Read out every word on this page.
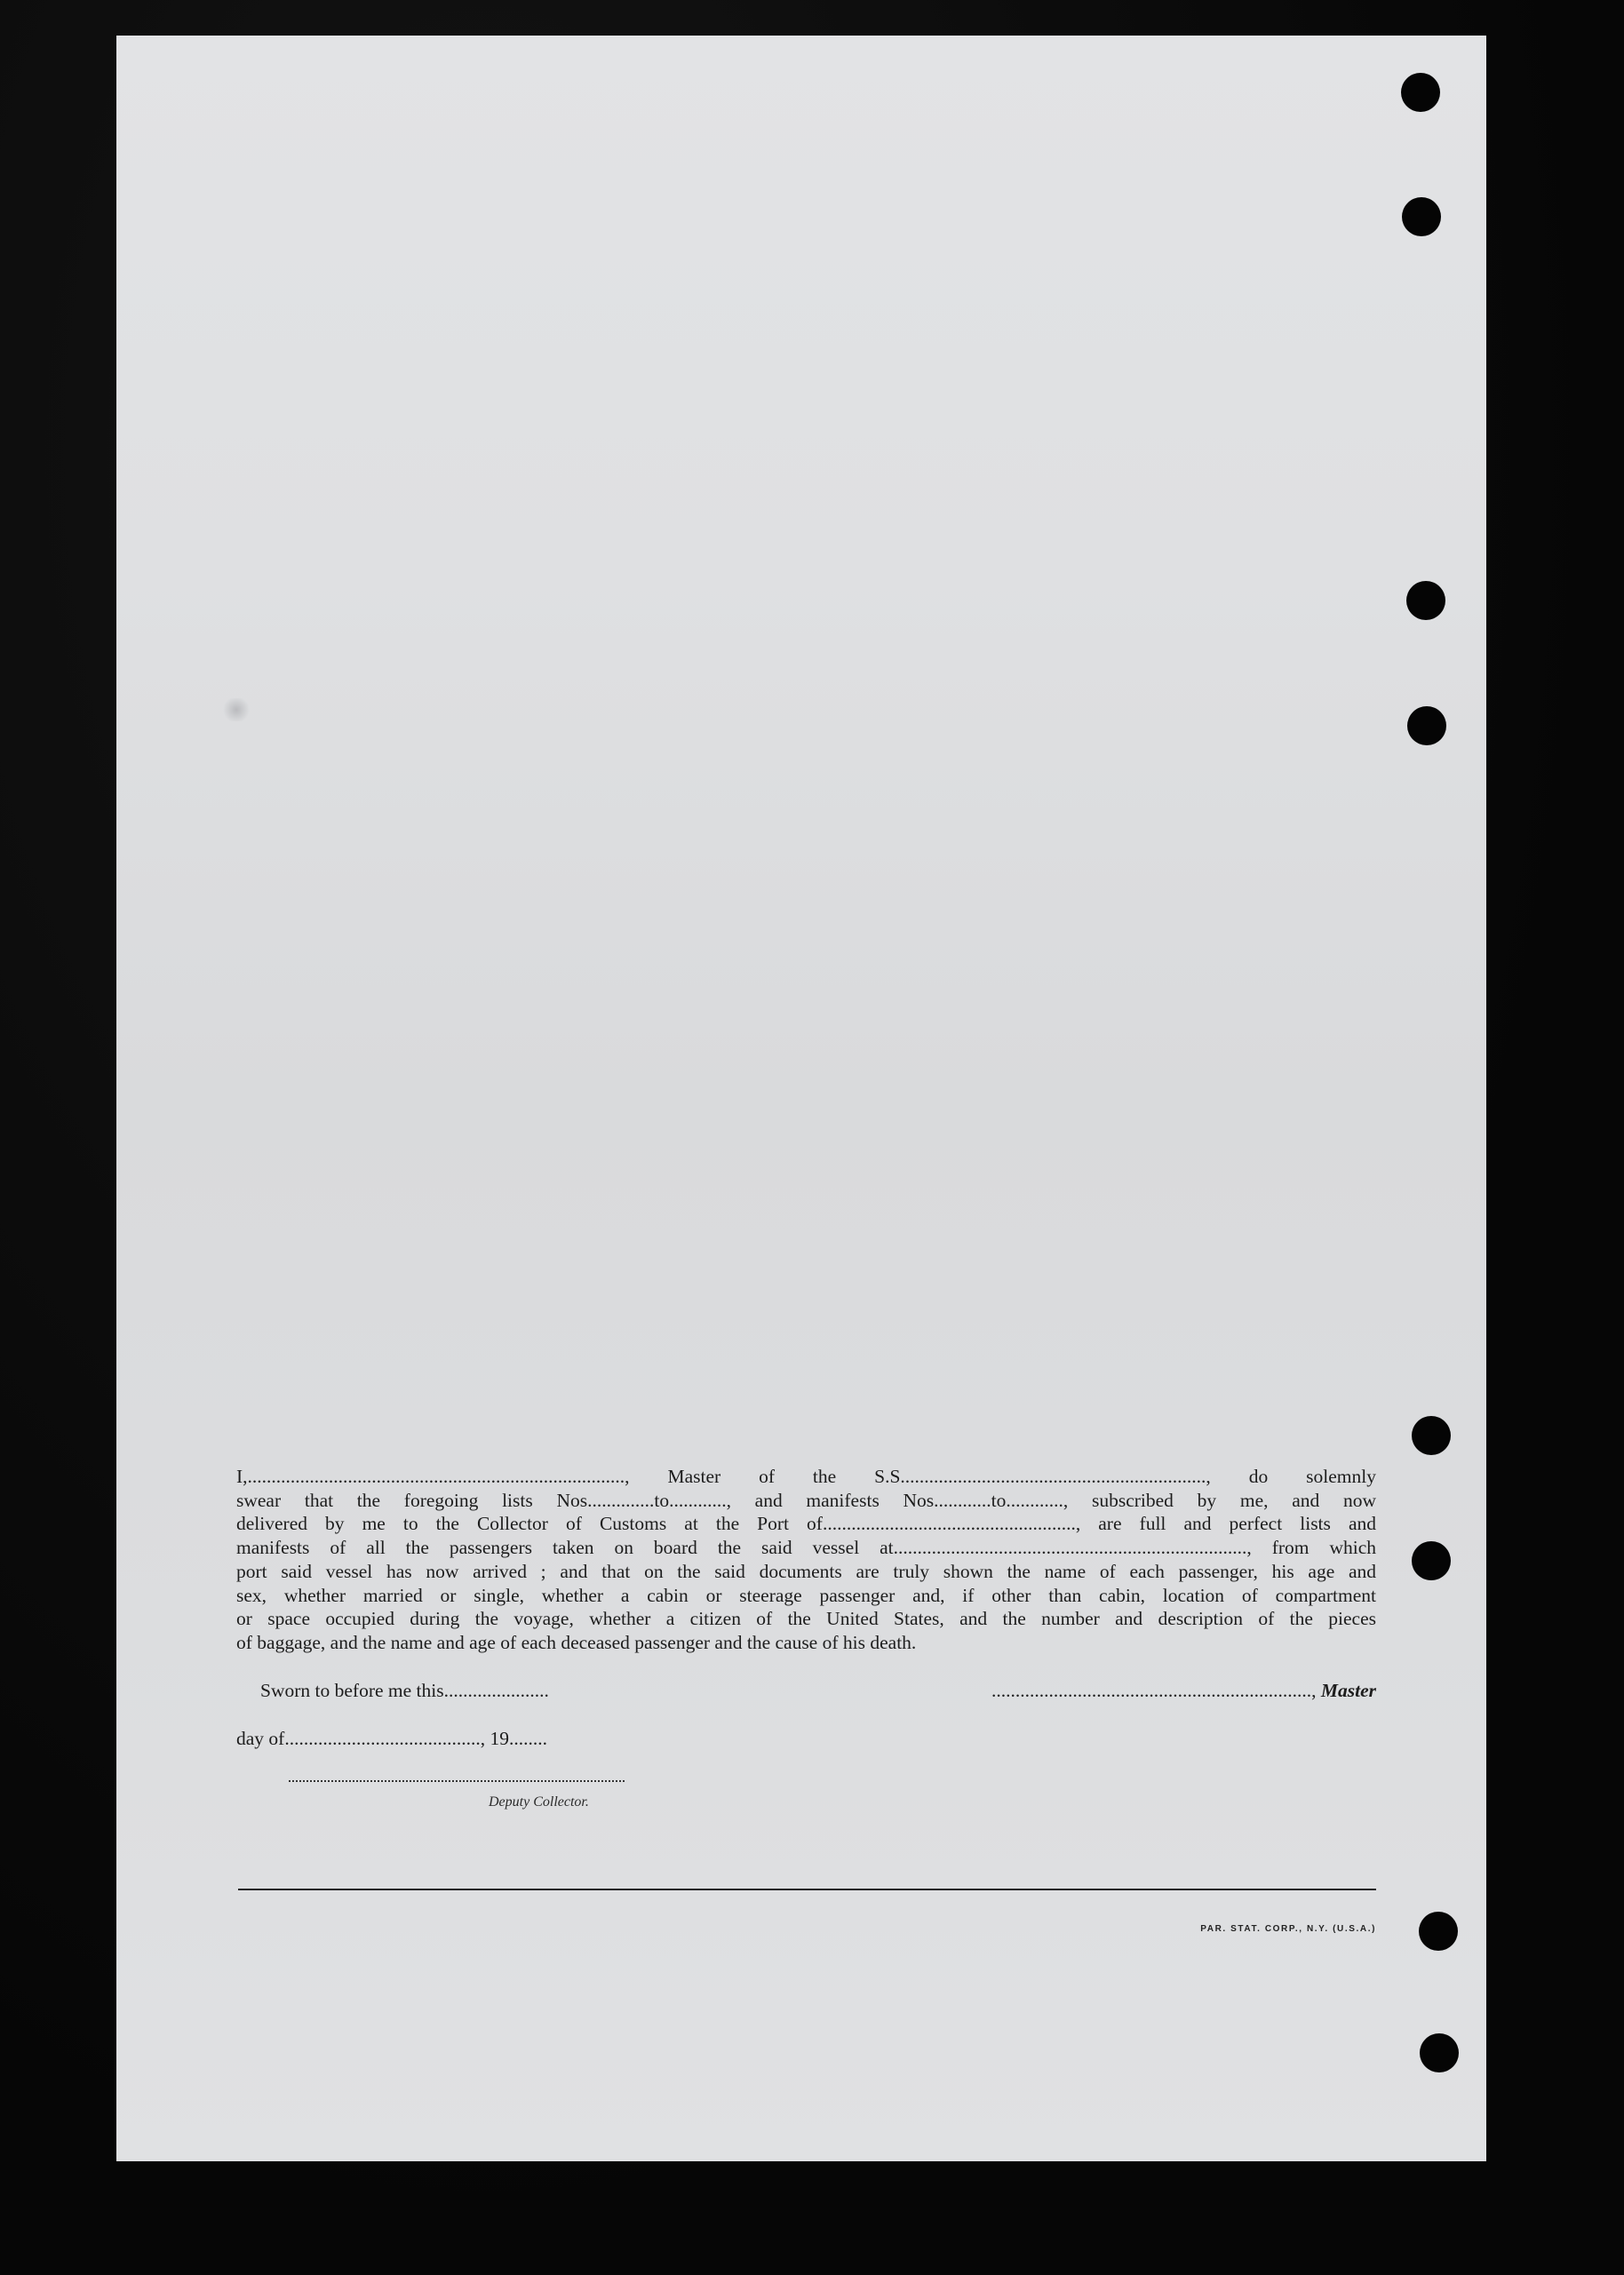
I,..............................................................................., Master of the S.S................................................................, do solemnly
swear that the foregoing lists Nos..............to............, and manifests Nos............to............, subscribed by me, and now
delivered by me to the Collector of Customs at the Port of....................................................., are full and perfect lists and
manifests of all the passengers taken on board the said vessel at.........................................................................., from which
port said vessel has now arrived ; and that on the said documents are truly shown the name of each passenger, his age and
sex, whether married or single, whether a cabin or steerage passenger and, if other than cabin, location of compartment
or space occupied during the voyage, whether a citizen of the United States, and the number and description of the pieces
of baggage, and the name and age of each deceased passenger and the cause of his death.
Sworn to before me this......................	..................................................................., Master
day of........................................., 19........
Deputy Collector.
PAR. STAT. CORP., N.Y. (U.S.A.)
